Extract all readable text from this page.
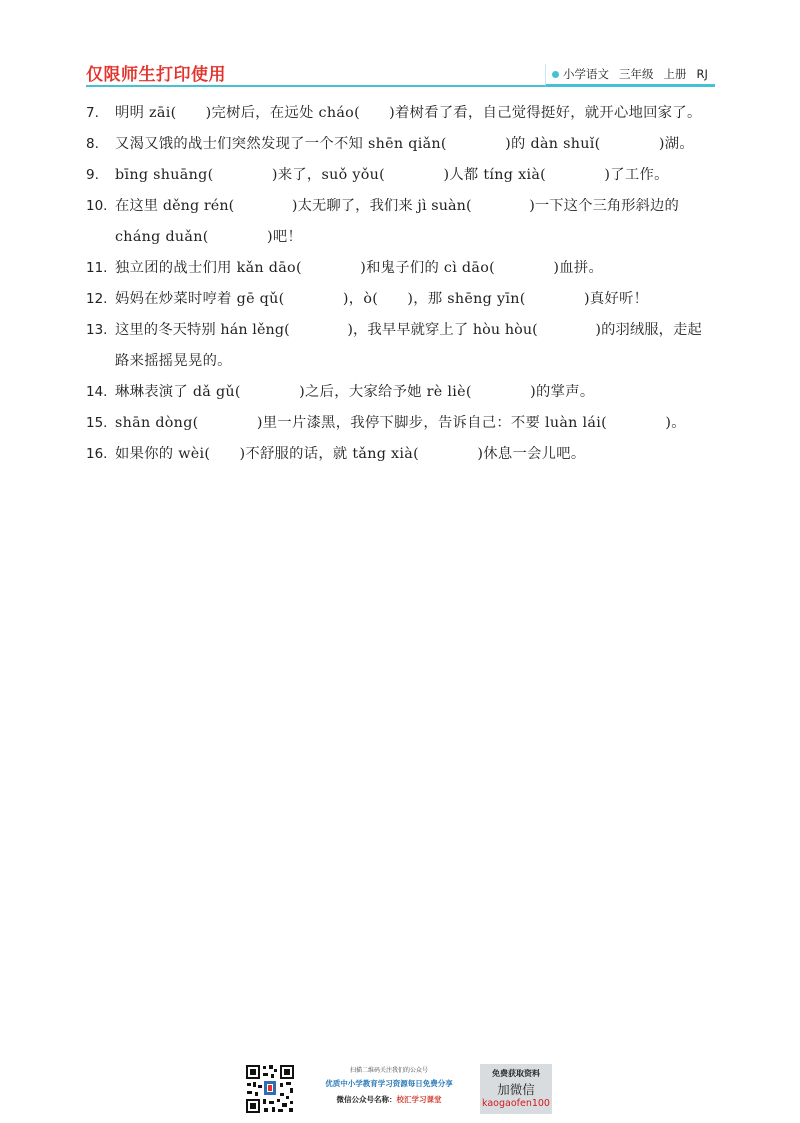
仅限师生打印使用	小学语文 三年级 上册 RJ
7.	明明 zāi(　　)完树后，在远处 cháo(　　)着树看了看，自己觉得挺好，就开心地回家了。
8.	又渴又饿的战士们突然发现了一个不知 shēn qiǎn(　　　　)的 dàn shuǐ(　　　　)湖。
9.	bīng shuāng(　　　　)来了，suǒ yǒu(　　　　)人都 tíng xià(　　　　)了工作。
10. 在这里 děng rén(　　　　)太无聊了，我们来 jì suàn(　　　　)一下这个三角形斜边的
cháng duǎn(　　　　)吧！
11. 独立团的战士们用 kǎn dāo(　　　　)和鬼子们的 cì dāo(　　　　)血拼。
12. 妈妈在炒菜时哼着 gē qǔ(　　　　)，ò(　　)，那 shēng yīn(　　　　)真好听！
13. 这里的冬天特别 hán lěng(　　　　)，我早早就穿上了 hòu hòu(　　　　)的羽绒服，走起
路来摇摇晃晃的。
14. 琳琳表演了 dǎ gǔ(　　　　)之后，大家给予她 rè liè(　　　　)的掌声。
15. shān dòng(　　　　)里一片漆黑，我停下脚步，告诉自己：不要 luàn lái(　　　　)。
16. 如果你的 wèi(　　)不舒服的话，就 tǎng xià(　　　　)休息一会儿吧。
扫描二维码关注我们的公众号
优质中小学教育学习资源每日免费分享
微信公众号名称：校汇学习课堂
免费获取资料
加微信
kaogaofen100
